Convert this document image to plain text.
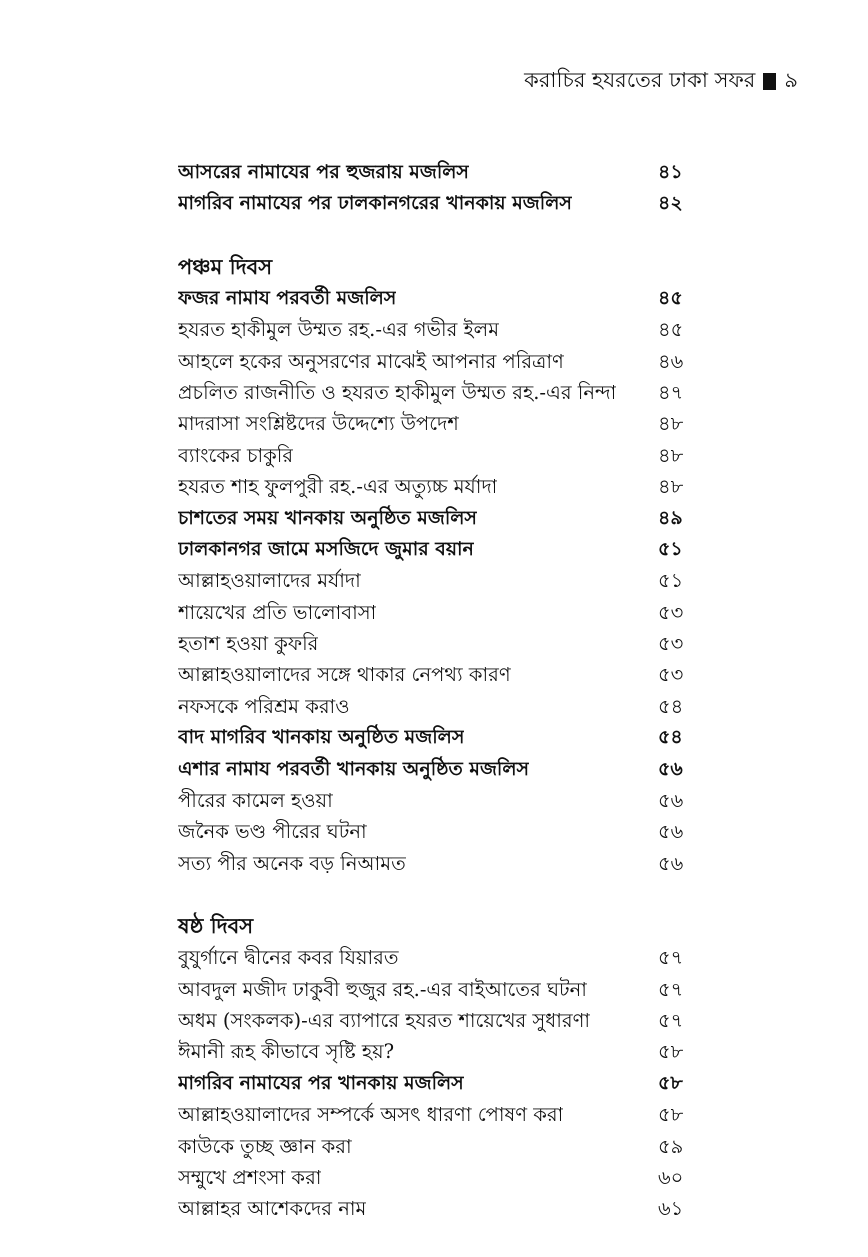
করাচির হযরতের ঢাকা সফর ৯
আসরের নামাযের পর হুজরায় মজলিস	৪১
মাগরিব নামাযের পর ঢালকানগরের খানকায় মজলিস	৪২
পঞ্চম দিবস
ফজর নামায পরবর্তী মজলিস	৪৫
হযরত হাকীমুল উম্মত রহ.-এর গভীর ইলম	৪৫
আহলে হকের অনুসরণের মাঝেই আপনার পরিত্রাণ	৪৬
প্রচলিত রাজনীতি ও হযরত হাকীমুল উম্মত রহ.-এর নিন্দা ৪৭
মাদরাসা সংশ্লিষ্টদের উদ্দেশ্যে উপদেশ	৪৮
ব্যাংকের চাকুরি	৪৮
হযরত শাহ ফুলপুরী রহ.-এর অত্যুচ্চ মর্যাদা	৪৮
চাশতের সময় খানকায় অনুষ্ঠিত মজলিস	৪৯
ঢালকানগর জামে মসজিদে জুমার বয়ান	৫১
আল্লাহওয়ালাদের মর্যাদা	৫১
শায়েখের প্রতি ভালোবাসা	৫৩
হতাশ হওয়া কুফরি	৫৩
আল্লাহওয়ালাদের সঙ্গে থাকার নেপথ্য কারণ	৫৩
নফসকে পরিশ্রম করাও	৫৪
বাদ মাগরিব খানকায় অনুষ্ঠিত মজলিস	৫৪
এশার নামায পরবর্তী খানকায় অনুষ্ঠিত মজলিস	৫৬
পীরের কামেল হওয়া	৫৬
জনৈক ভণ্ড পীরের ঘটনা	৫৬
সত্য পীর অনেক বড় নিআমত	৫৬
ষষ্ঠ দিবস
বুযুর্গানে দ্বীনের কবর যিয়ারত	৫৭
আবদুল মজীদ ঢাকুবী হুজুর রহ.-এর বাইআতের ঘটনা	৫৭
অধম (সংকলক)-এর ব্যাপারে হযরত শায়েখের সুধারণা	৫৭
ঈমানী রূহ কীভাবে সৃষ্টি হয়?	৫৮
মাগরিব নামাযের পর খানকায় মজলিস	৫৮
আল্লাহওয়ালাদের সম্পর্কে অসৎ ধারণা পোষণ করা	৫৮
কাউকে তুচ্ছ জ্ঞান করা	৫৯
সম্মুখে প্রশংসা করা	৬০
আল্লাহর আশেকদের নাম	৬১
